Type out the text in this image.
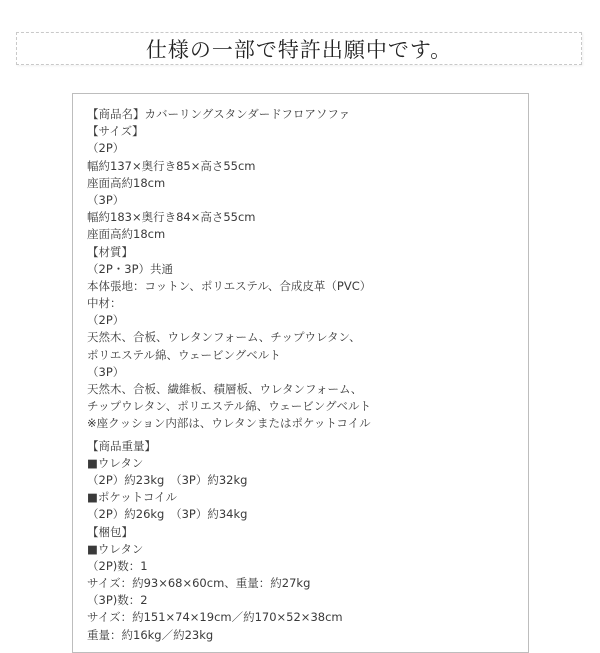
仕様の一部で特許出願中です。
【商品名】カバーリングスタンダードフロアソファ
【サイズ】
（2P）
幅約137×奥行き85×高さ55cm
座面高約18cm
（3P）
幅約183×奥行き84×高さ55cm
座面高約18cm
【材質】
（2P・3P）共通
本体張地：コットン、ポリエステル、合成皮革（PVC）
中材：
（2P）
天然木、合板、ウレタンフォーム、チップウレタン、
ポリエステル綿、ウェービングベルト
（3P）
天然木、合板、繊維板、積層板、ウレタンフォーム、
チップウレタン、ポリエステル綿、ウェービングベルト
※座クッション内部は、ウレタンまたはポケットコイル
【商品重量】
■ウレタン
（2P）約23kg　（3P）約32kg
■ポケットコイル
（2P）約26kg　（3P）約34kg
【梱包】
■ウレタン
（2P)数：1
サイズ：約93×68×60cm、重量：約27kg
（3P)数：2
サイズ：約151×74×19cm／約170×52×38cm
重量：約16kg／約23kg
